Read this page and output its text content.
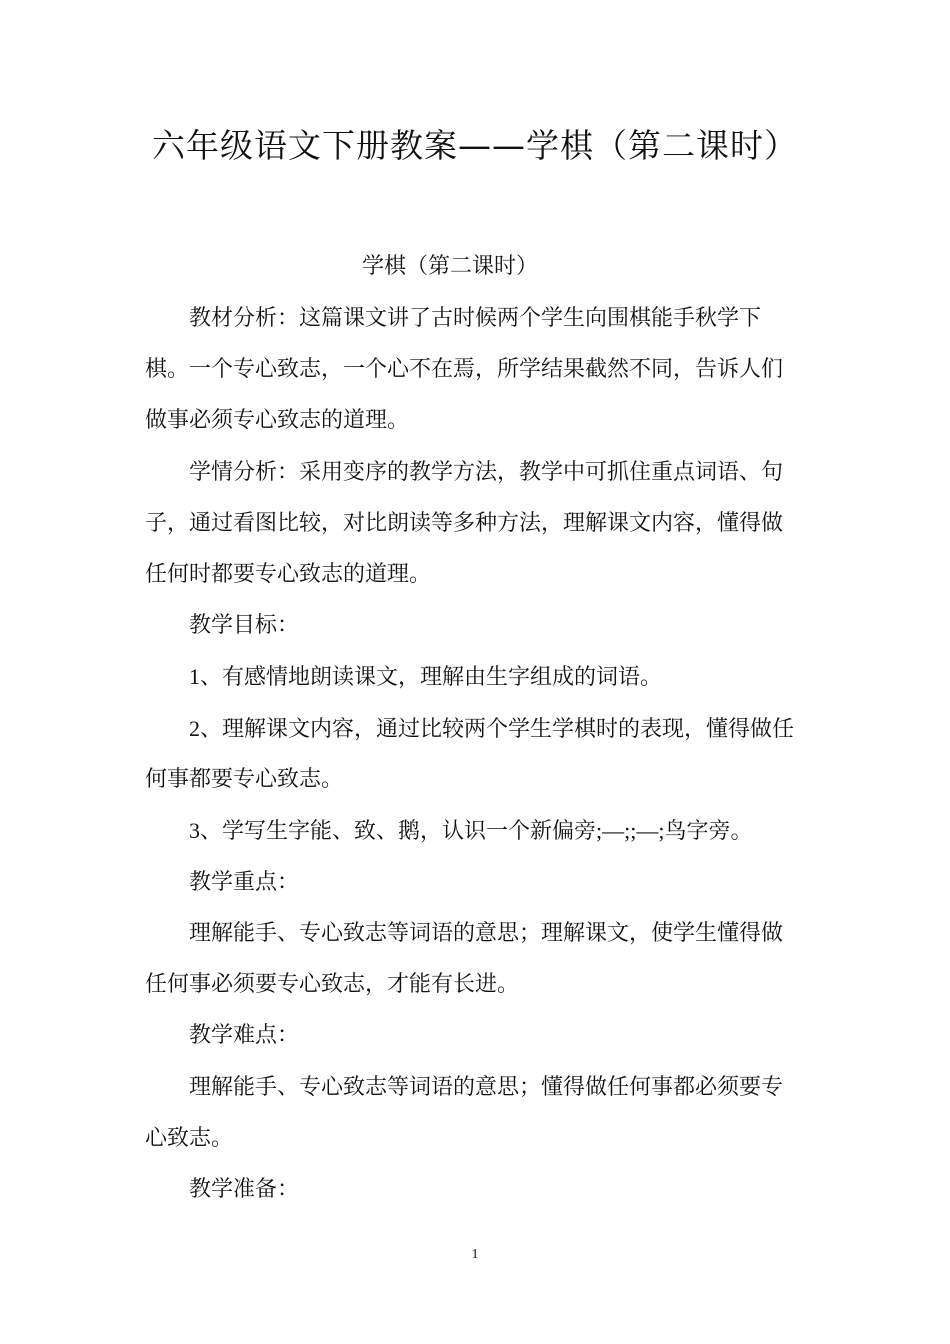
六年级语文下册教案——学棋（第二课时）
学棋（第二课时）
教材分析：这篇课文讲了古时候两个学生向围棋能手秋学下
棋。一个专心致志，一个心不在焉，所学结果截然不同，告诉人们
做事必须专心致志的道理。
学情分析：采用变序的教学方法，教学中可抓住重点词语、句
子，通过看图比较，对比朗读等多种方法，理解课文内容，懂得做
任何时都要专心致志的道理。
教学目标：
1、有感情地朗读课文，理解由生字组成的词语。
2、理解课文内容，通过比较两个学生学棋时的表现，懂得做任
何事都要专心致志。
3、学写生字能、致、鹅，认识一个新偏旁;—;;—;鸟字旁。
教学重点：
理解能手、专心致志等词语的意思；理解课文，使学生懂得做
任何事必须要专心致志，才能有长进。
教学难点：
理解能手、专心致志等词语的意思；懂得做任何事都必须要专
心致志。
教学准备：
1
